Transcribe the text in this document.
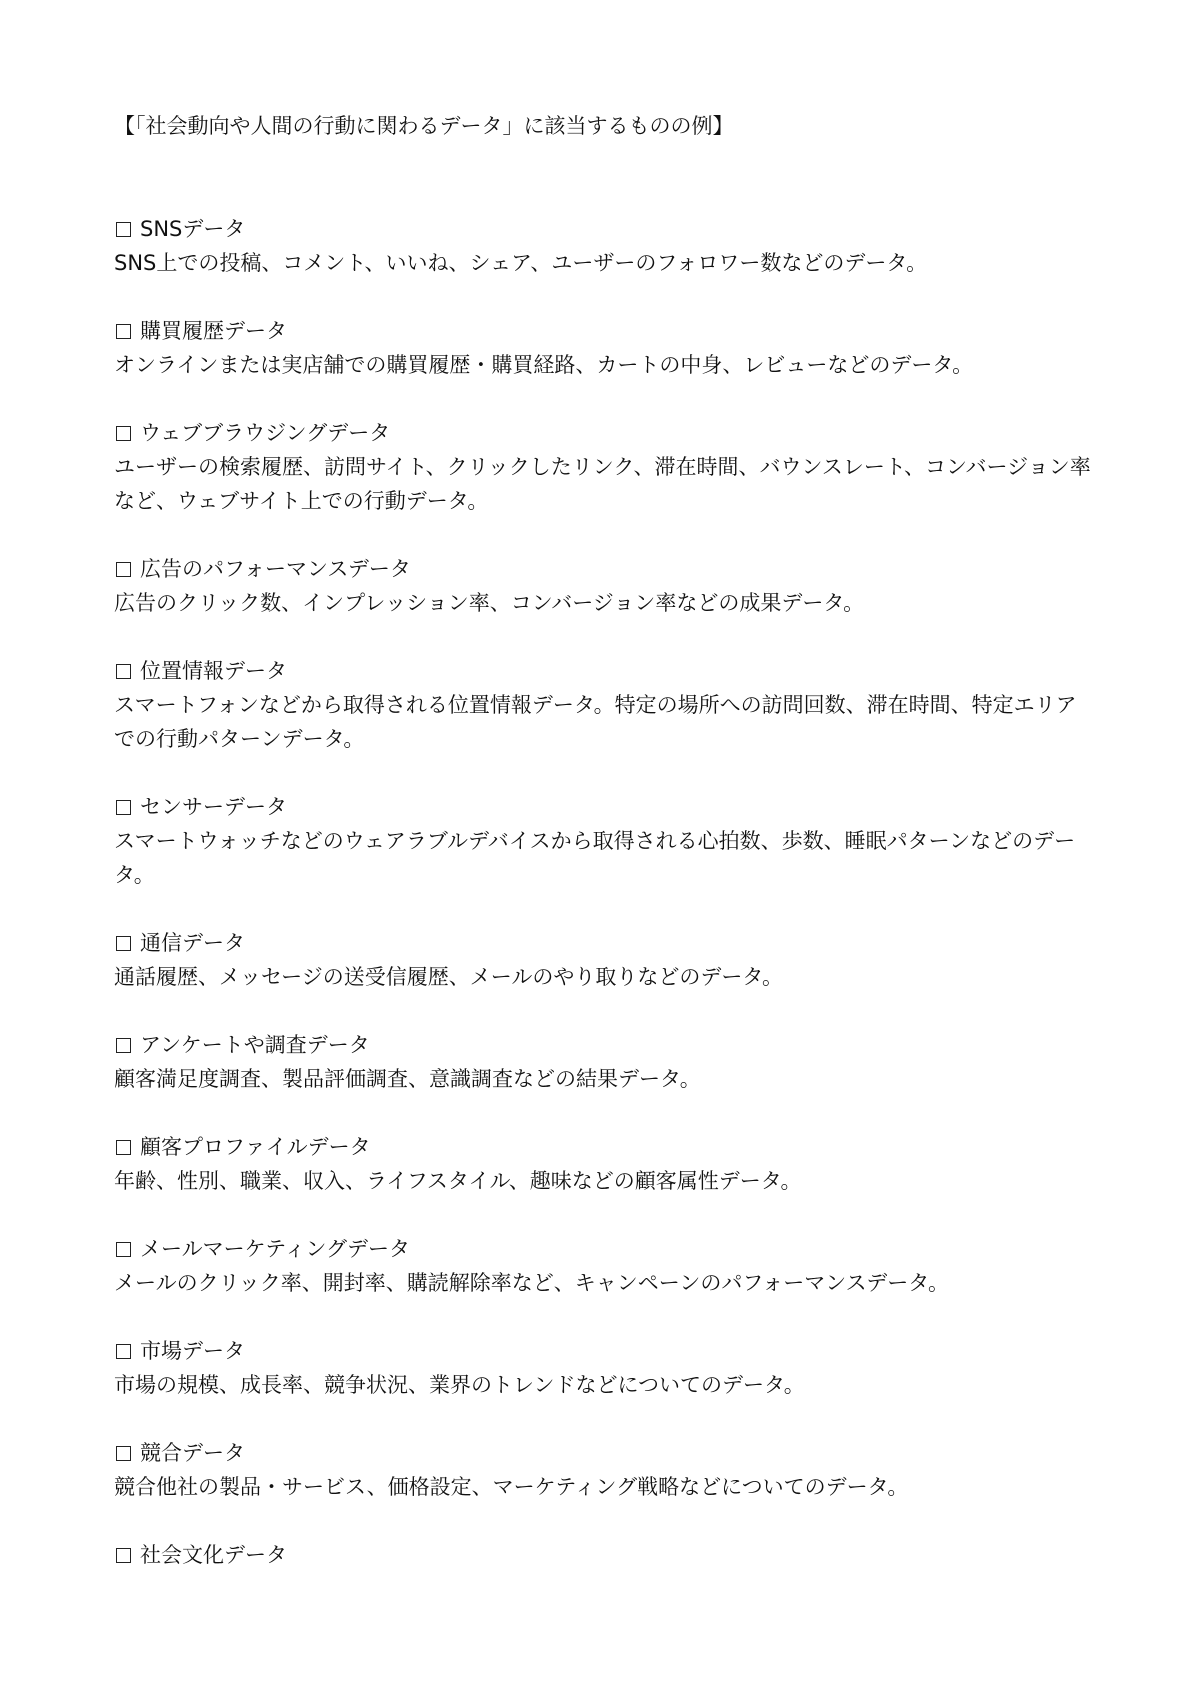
【「社会動向や人間の行動に関わるデータ」に該当するものの例】
SNSデータ
SNS上での投稿、コメント、いいね、シェア、ユーザーのフォロワー数などのデータ。
購買履歴データ
オンラインまたは実店舗での購買履歴・購買経路、カートの中身、レビューなどのデータ。
ウェブブラウジングデータ
ユーザーの検索履歴、訪問サイト、クリックしたリンク、滞在時間、バウンスレート、コンバージョン率など、ウェブサイト上での行動データ。
広告のパフォーマンスデータ
広告のクリック数、インプレッション率、コンバージョン率などの成果データ。
位置情報データ
スマートフォンなどから取得される位置情報データ。特定の場所への訪問回数、滞在時間、特定エリアでの行動パターンデータ。
センサーデータ
スマートウォッチなどのウェアラブルデバイスから取得される心拍数、歩数、睡眠パターンなどのデータ。
通信データ
通話履歴、メッセージの送受信履歴、メールのやり取りなどのデータ。
アンケートや調査データ
顧客満足度調査、製品評価調査、意識調査などの結果データ。
顧客プロファイルデータ
年齢、性別、職業、収入、ライフスタイル、趣味などの顧客属性データ。
メールマーケティングデータ
メールのクリック率、開封率、購読解除率など、キャンペーンのパフォーマンスデータ。
市場データ
市場の規模、成長率、競争状況、業界のトレンドなどについてのデータ。
競合データ
競合他社の製品・サービス、価格設定、マーケティング戦略などについてのデータ。
社会文化データ
